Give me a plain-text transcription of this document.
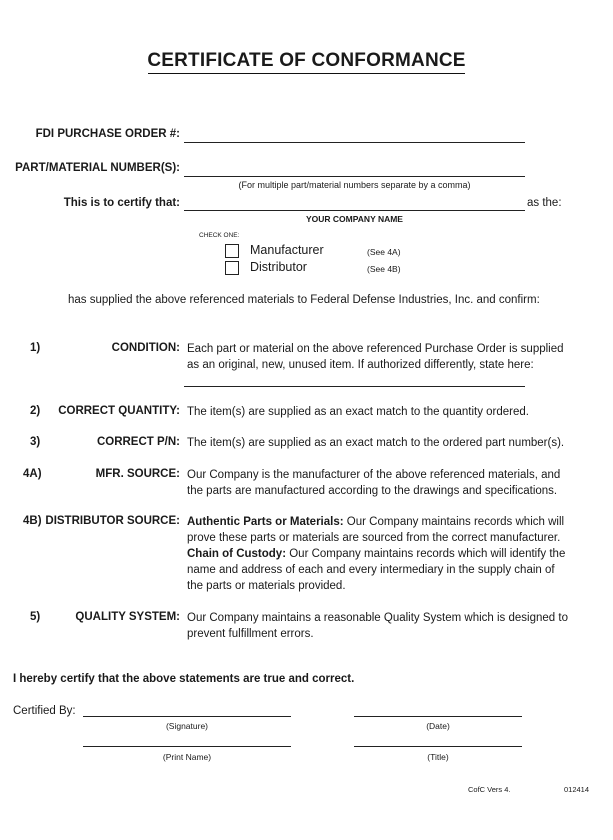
CERTIFICATE OF CONFORMANCE
FDI PURCHASE ORDER #:
PART/MATERIAL NUMBER(S):
(For multiple part/material numbers separate by a comma)
This is to certify that:	as the:
YOUR COMPANY NAME
CHECK ONE:
Manufacturer	(See 4A)
Distributor	(See 4B)
has supplied the above referenced materials to Federal Defense Industries, Inc. and confirm:
1)	CONDITION: Each part or material on the above referenced Purchase Order is supplied
as an original, new, unused item. If authorized differently, state here:
2) CORRECT QUANTITY: The item(s) are supplied as an exact match to the quantity ordered.
3)	CORRECT P/N: The item(s) are supplied as an exact match to the ordered part number(s).
4A)	MFR. SOURCE: Our Company is the manufacturer of the above referenced materials, and
the parts are manufactured according to the drawings and specifications.
4B) DISTRIBUTOR SOURCE: Authentic Parts or Materials: Our Company maintains records which will
prove these parts or materials are sourced from the correct manufacturer.
Chain of Custody: Our Company maintains records which will identify the
name and address of each and every intermediary in the supply chain of
the parts or materials provided.
5)	QUALITY SYSTEM: Our Company maintains a reasonable Quality System which is designed to
prevent fulfillment errors.
I hereby certify that the above statements are true and correct.
Certified By:
(Signature)	(Date)
(Print Name)	(Title)
CofC Vers 4.	012414
